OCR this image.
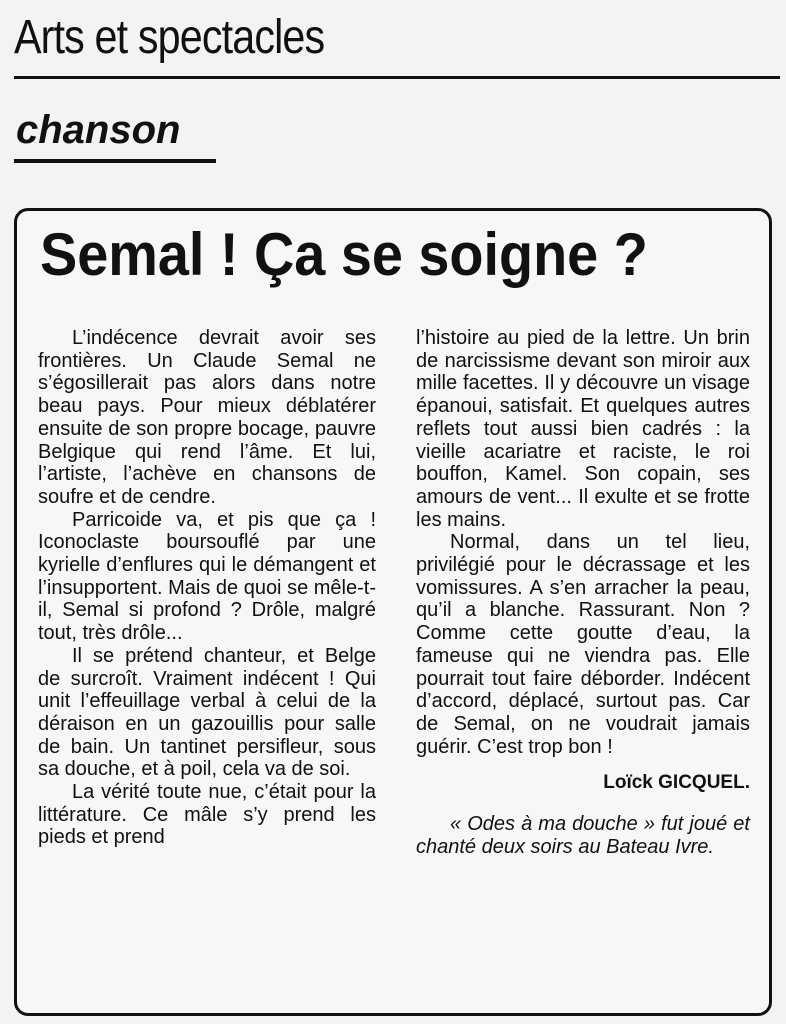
Arts et spectacles
chanson
Semal ! Ça se soigne ?

L’indécence devrait avoir ses frontières. Un Claude Semal ne s’égosillerait pas alors dans notre beau pays. Pour mieux déblatérer ensuite de son propre bocage, pauvre Belgique qui rend l’âme. Et lui, l’artiste, l’achève en chansons de soufre et de cendre.

Parricoide va, et pis que ça ! Iconoclaste boursouflé par une kyrielle d’enflures qui le démangent et l’insupportent. Mais de quoi se mêle-t-il, Semal si profond ? Drôle, malgré tout, très drôle...

Il se prétend chanteur, et Belge de surcroît. Vraiment indécent ! Qui unit l’effeuillage verbal à celui de la déraison en un gazouillis pour salle de bain. Un tantinet persifleur, sous sa douche, et à poil, cela va de soi.

La vérité toute nue, c’était pour la littérature. Ce mâle s’y prend les pieds et prend

l’histoire au pied de la lettre. Un brin de narcissisme devant son miroir aux mille facettes. Il y découvre un visage épanoui, satisfait. Et quelques autres reflets tout aussi bien cadrés : la vieille acariatre et raciste, le roi bouffon, Kamel. Son copain, ses amours de vent... Il exulte et se frotte les mains.

Normal, dans un tel lieu, privilégié pour le décrassage et les vomissures. A s’en arracher la peau, qu’il a blanche. Rassurant. Non ? Comme cette goutte d’eau, la fameuse qui ne viendra pas. Elle pourrait tout faire déborder. Indécent d’accord, déplacé, surtout pas. Car de Semal, on ne voudrait jamais guérir. C’est trop bon !

Loïck GICQUEL.

« Odes à ma douche » fut joué et chanté deux soirs au Bateau Ivre.
